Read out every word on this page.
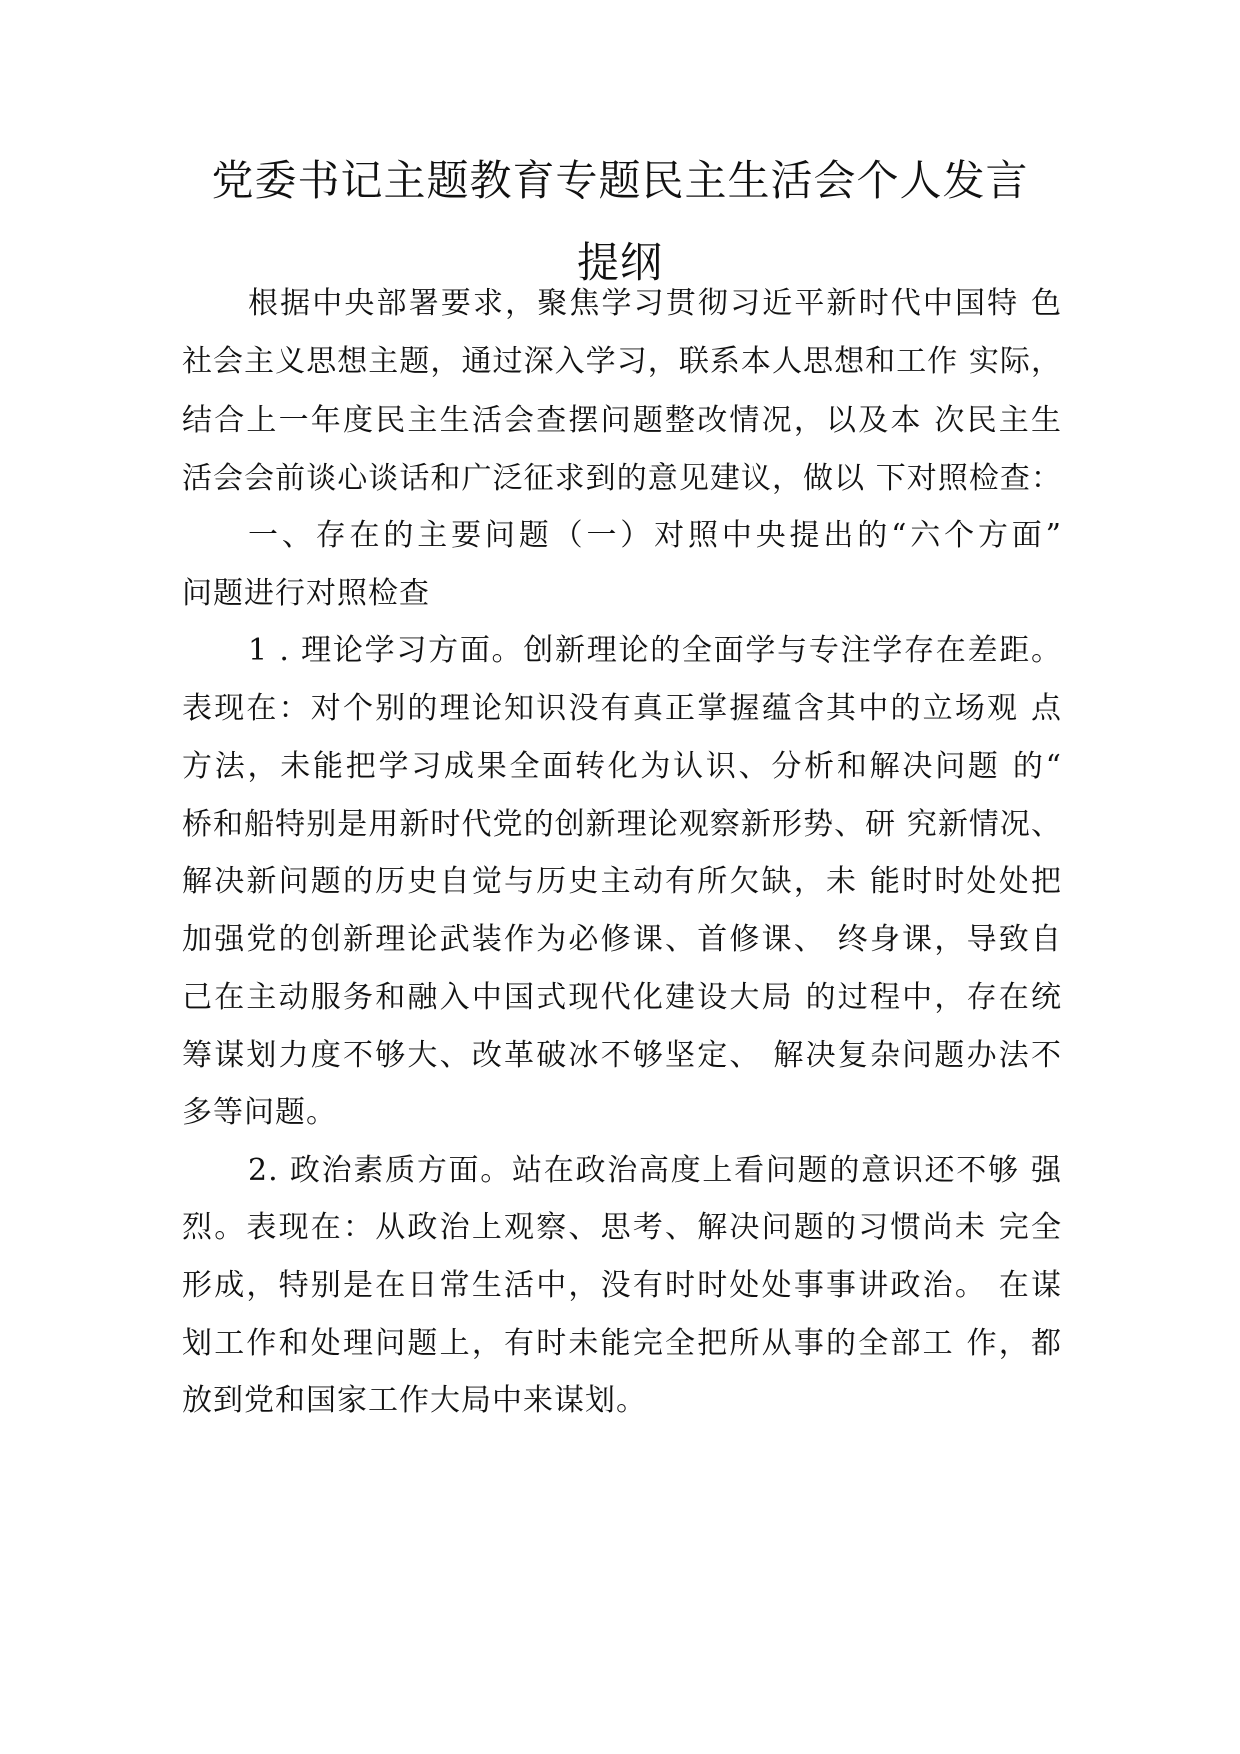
党委书记主题教育专题民主生活会个人发言
提纲
根据中央部署要求，聚焦学习贯彻习近平新时代中国特 色
社会主义思想主题，通过深入学习，联系本人思想和工作 实际，
结合上一年度民主生活会查摆问题整改情况，以及本 次民主生
活会会前谈心谈话和广泛征求到的意见建议，做以 下对照检查：
一、存在的主要问题（一）对照中央提出的“六个方面”
问题进行对照检查
1 . 理论学习方面。创新理论的全面学与专注学存在差距。
表现在：对个别的理论知识没有真正掌握蕴含其中的立场观 点
方法，未能把学习成果全面转化为认识、分析和解决问题 的“
桥和船特别是用新时代党的创新理论观察新形势、研 究新情况、
解决新问题的历史自觉与历史主动有所欠缺，未 能时时处处把
加强党的创新理论武装作为必修课、首修课、 终身课，导致自
己在主动服务和融入中国式现代化建设大局 的过程中，存在统
筹谋划力度不够大、改革破冰不够坚定、 解决复杂问题办法不
多等问题。
2. 政治素质方面。站在政治高度上看问题的意识还不够 强
烈。表现在：从政治上观察、思考、解决问题的习惯尚未 完全
形成，特别是在日常生活中，没有时时处处事事讲政治。 在谋
划工作和处理问题上，有时未能完全把所从事的全部工 作，都
放到党和国家工作大局中来谋划。
